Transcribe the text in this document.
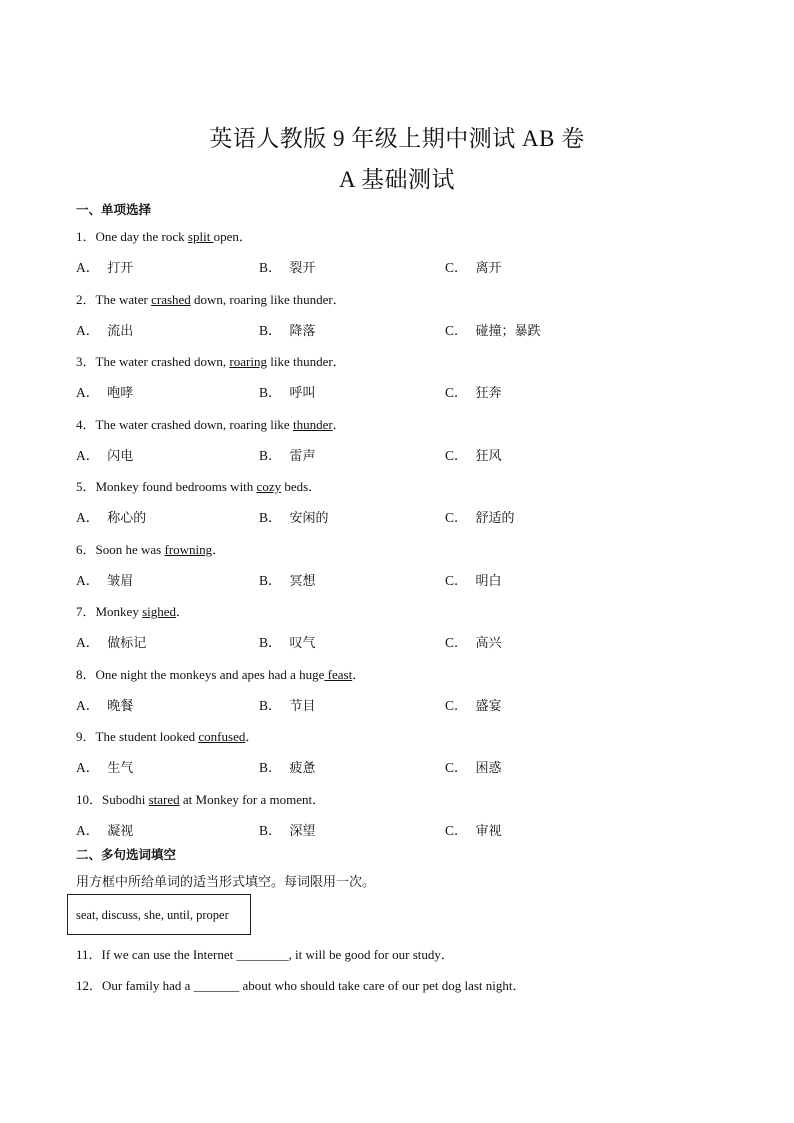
英语人教版 9 年级上期中测试 AB 卷
A 基础测试
一、单项选择
1．One day the rock split open．
A． 打开	B． 裂开	C． 离开
2．The water crashed down, roaring like thunder．
A． 流出	B． 降落	C． 碰撞；暴跌
3．The water crashed down, roaring like thunder．
A． 咆哮	B． 呼叫	C． 狂奔
4．The water crashed down, roaring like thunder．
A． 闪电	B． 雷声	C． 狂风
5．Monkey found bedrooms with cozy beds．
A． 称心的	B． 安闲的	C． 舒适的
6．Soon he was frowning．
A． 皱眉	B． 冥想	C． 明白
7．Monkey sighed．
A． 做标记	B． 叹气	C． 高兴
8．One night the monkeys and apes had a huge feast．
A． 晚餐	B． 节目	C． 盛宴
9．The student looked confused．
A． 生气	B． 疲惫	C． 困惑
10．Subodhi stared at Monkey for a moment．
A． 凝视	B． 深望	C． 审视
二、多句选词填空
用方框中所给单词的适当形式填空。每词限用一次。
seat, discuss, she, until, proper
11．If we can use the Internet ________, it will be good for our study．
12．Our family had a _______ about who should take care of our pet dog last night．
